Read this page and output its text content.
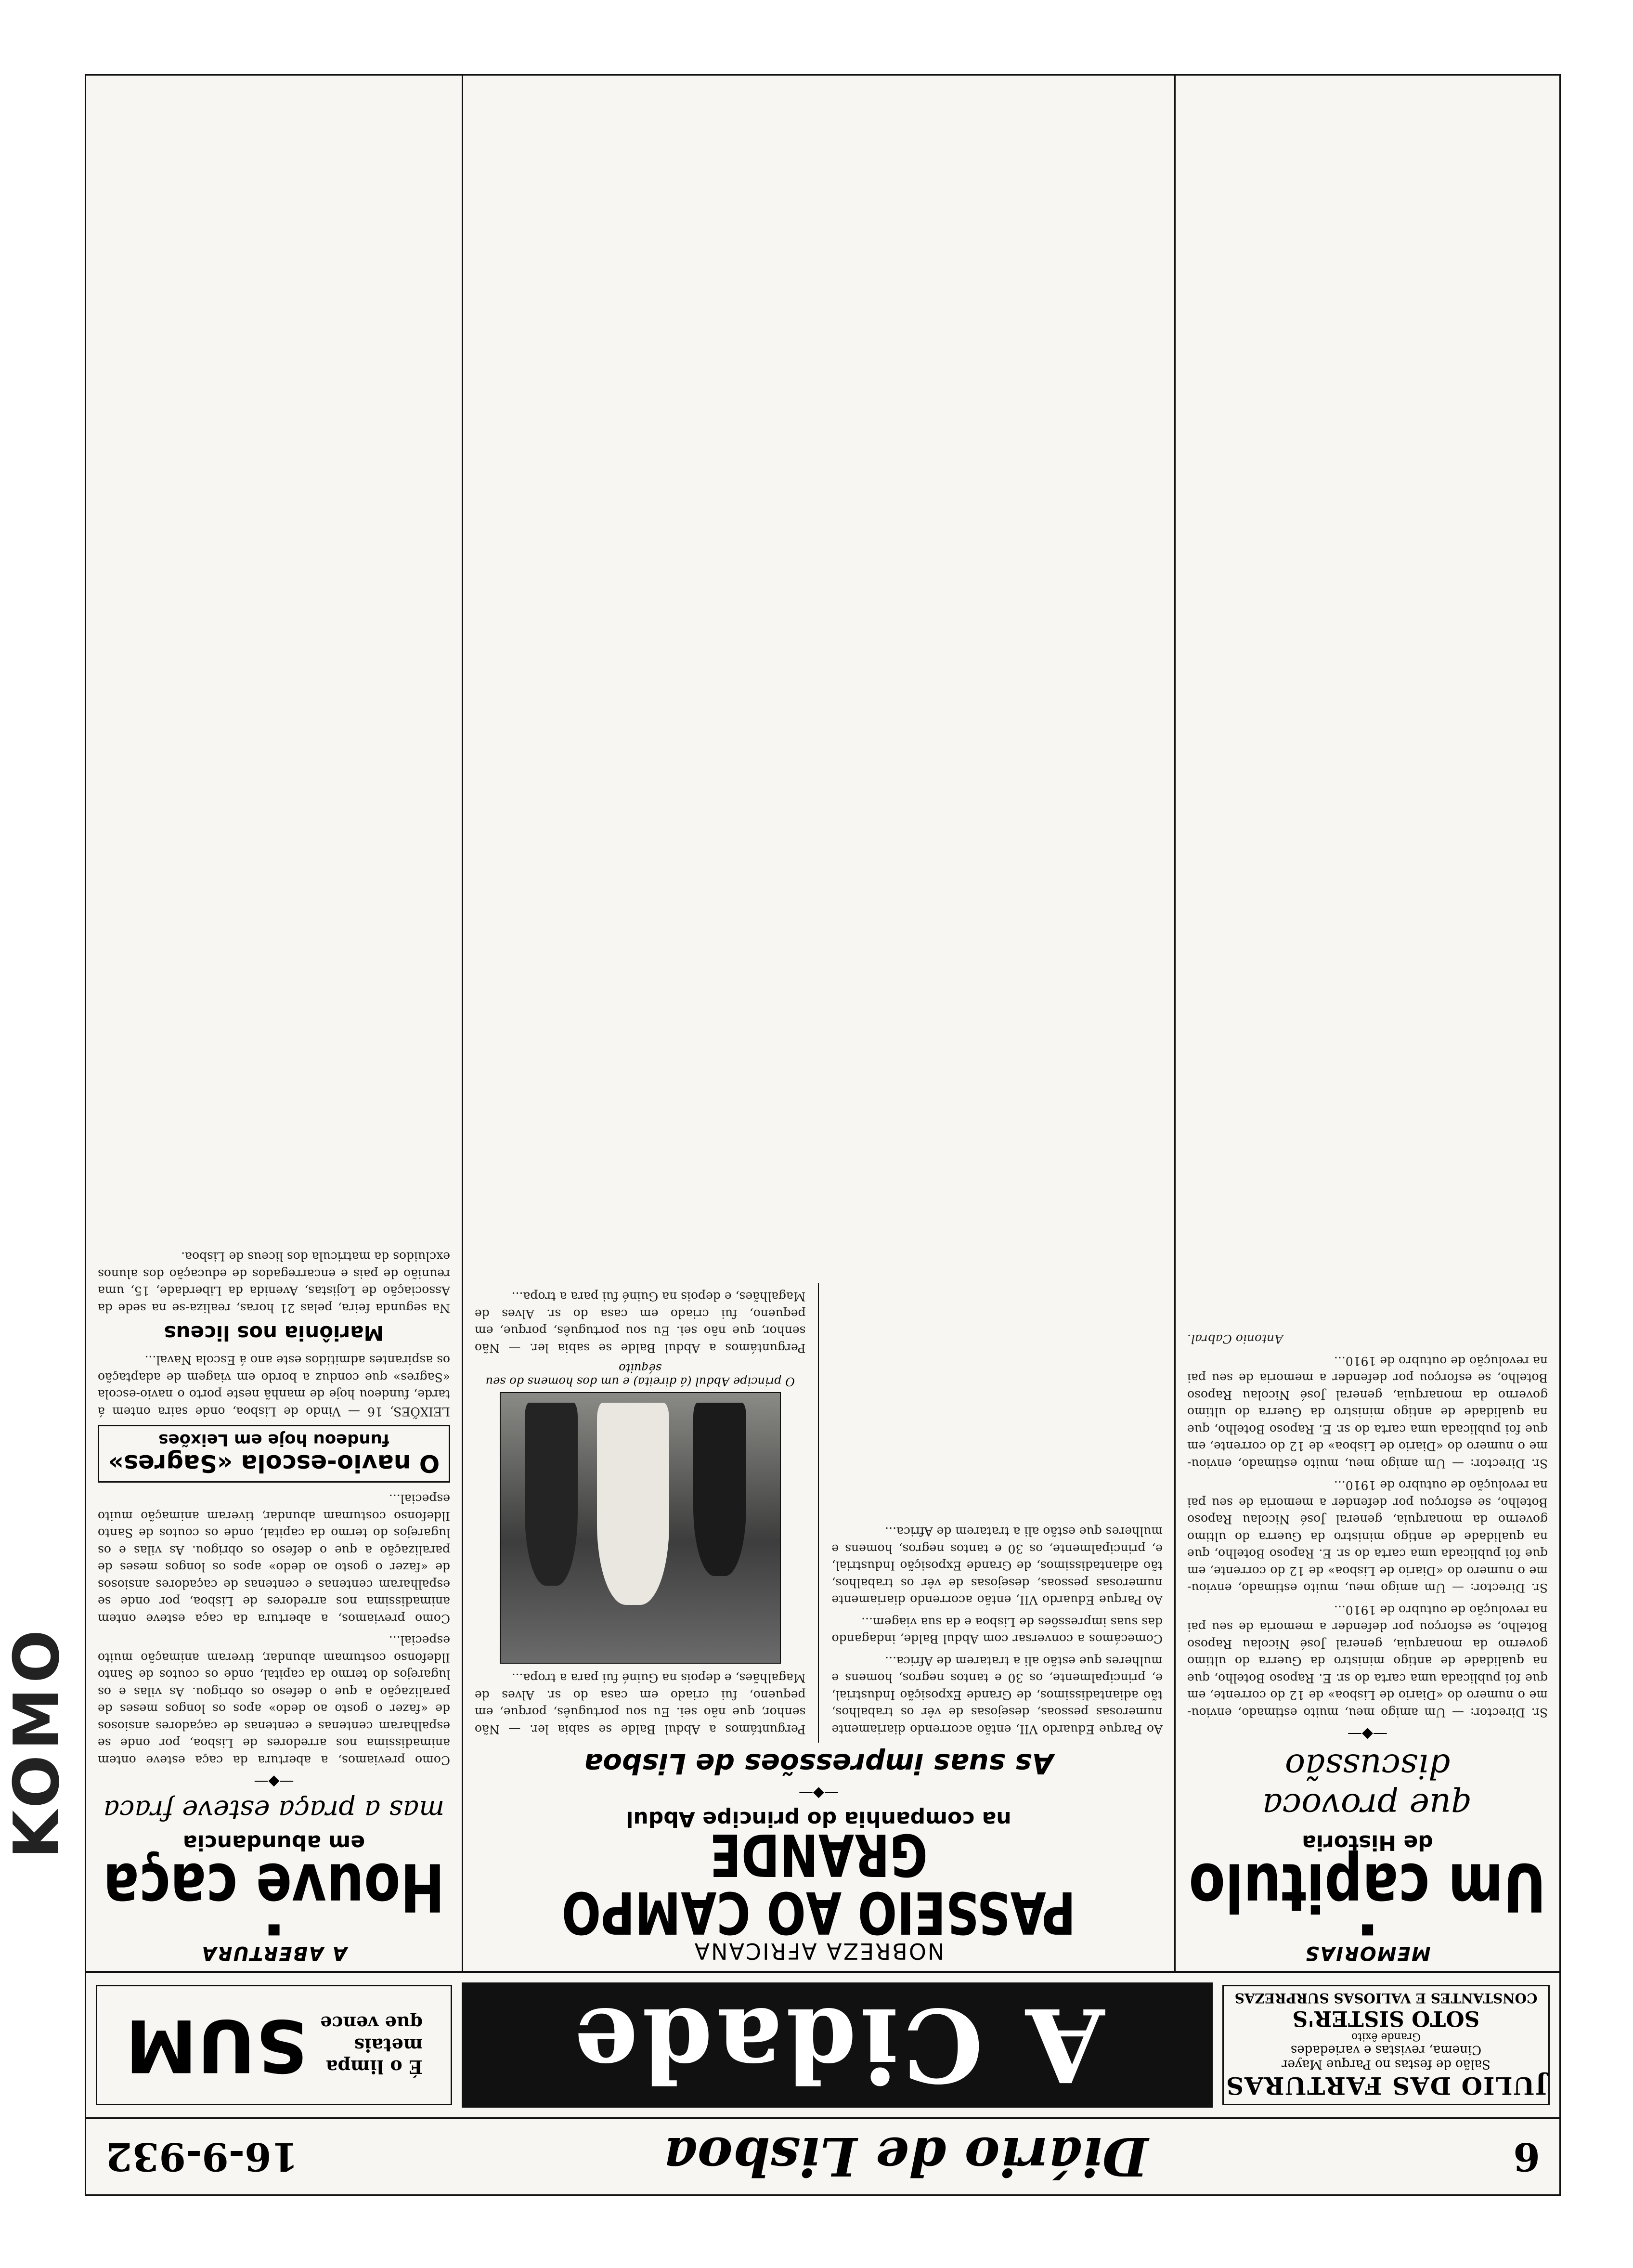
6
Diário de Lisboa
16-9-932
JULIO DAS FARTURAS
Salão de festas no Parque Mayer
Cinema, revistas e variedades
Grande êxito
SOTO SISTER'S
CONSTANTES E VALIOSAS SURPREZAS
A Cidade
É o limpa
metais
que vence
SUM
MEMORIAS
■
Um capitulo
de Historia
que provoca discussão
—◆—

Sr. Director: — Um amigo meu, muito estimado, enviou-me o numero do «Diario de Lisboa» de 12 do corrente, em que foi publicada uma carta do sr. E. Raposo Botelho, que na qualidade de antigo ministro da Guerra do ultimo governo da monarquia, general José Nicolau Raposo Botelho, se esforçou por defender a memoria de seu pai na revolução de outubro de 1910...

Sr. Director: — Um amigo meu, muito estimado, enviou-me o numero do «Diario de Lisboa» de 12 do corrente, em que foi publicada uma carta do sr. E. Raposo Botelho, que na qualidade de antigo ministro da Guerra do ultimo governo da monarquia, general José Nicolau Raposo Botelho, se esforçou por defender a memoria de seu pai na revolução de outubro de 1910...

Sr. Director: — Um amigo meu, muito estimado, enviou-me o numero do «Diario de Lisboa» de 12 do corrente, em que foi publicada uma carta do sr. E. Raposo Botelho, que na qualidade de antigo ministro da Guerra do ultimo governo da monarquia, general José Nicolau Raposo Botelho, se esforçou por defender a memoria de seu pai na revolução de outubro de 1910...

Antonio Cabral.

NOBREZA AFRICANA
PASSEIO AO CAMPO GRANDE
na companhia do principe Abdul
—◆—
As suas impressões de Lisboa

Ao Parque Eduardo VII, então acorrendo diariamente numerosas pessoas, desejosas de vêr os trabalhos, tão adiantadissimos, de Grande Exposição Industrial, e, principalmente, os 30 e tantos negros, homens e mulheres que estão ali a tratarem de Africa...

Comecámos a conversar com Abdul Balde, indagando das suas impressões de Lisboa e da sua viagem...

Ao Parque Eduardo VII, então acorrendo diariamente numerosas pessoas, desejosas de vêr os trabalhos, tão adiantadissimos, de Grande Exposição Industrial, e, principalmente, os 30 e tantos negros, homens e mulheres que estão ali a tratarem de Africa...

Perguntámos a Abdul Balde se sabia ler. — Não senhor, que não sei. Eu sou português, porque, em pequeno, fui criado em casa do sr. Alves de Magalhães, e depois na Guiné fui para a tropa...

O principe Abdul (á direita) e um dos homens do seu séquito

Perguntámos a Abdul Balde se sabia ler. — Não senhor, que não sei. Eu sou português, porque, em pequeno, fui criado em casa do sr. Alves de Magalhães, e depois na Guiné fui para a tropa...

A ABERTURA
■
Houve caça
em abundancia
mas a praça esteve fraca
—◆—

Como previamos, a abertura da caça esteve ontem animadissima nos arredores de Lisboa, por onde se espalharam centenas e centenas de caçadores ansiosos de «fazer o gosto ao dedo» apos os longos meses de paralização a que o defeso os obrigou. As vilas e os lugarejos do termo da capital, onde os coutos de Santo Ildefonso costumam abundar, tiveram animação muito especial...

Como previamos, a abertura da caça esteve ontem animadissima nos arredores de Lisboa, por onde se espalharam centenas e centenas de caçadores ansiosos de «fazer o gosto ao dedo» apos os longos meses de paralização a que o defeso os obrigou. As vilas e os lugarejos do termo da capital, onde os coutos de Santo Ildefonso costumam abundar, tiveram animação muito especial...

O navio-escola «Sagres»
fundeou hoje em Leixões

LEIXÕES, 16 — Vindo de Lisboa, onde saira ontem á tarde, fundeou hoje de manhã neste porto o navio-escola «Sagres» que conduz a bordo em viagem de adaptação os aspirantes admitidos este ano á Escola Naval...

Mariônia nos liceus

Na segunda feira, pelas 21 horas, realiza-se na sede da Associação de Lojistas, Avenida da Liberdade, 15, uma reunião de pais e encarregados de educação dos alunos excluidos da matricula dos liceus de Lisboa.

KOMO
